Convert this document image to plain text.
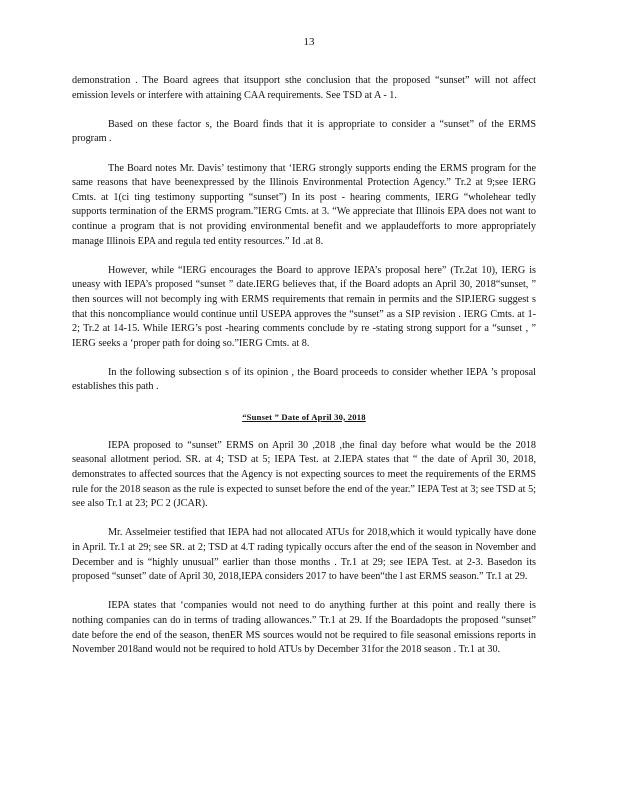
13

demonstration . The Board agrees that itsupport sthe conclusion that the proposed “sunset” will not affect emission levels or interfere with attaining CAA requirements. See TSD at A - 1.

Based on these factor s, the Board finds that it is appropriate to consider a “sunset” of the ERMS program .

The Board notes Mr. Davis’ testimony that ‘IERG strongly supports ending the ERMS program for the same reasons that have beenexpressed by the Illinois Environmental Protection Agency.” Tr.2 at 9;see IERG Cmts. at 1(ci ting testimony supporting “sunset”) In its post - hearing comments, IERG “wholehear tedly supports termination of the ERMS program.”IERG Cmts. at 3. “We appreciate that Illinois EPA does not want to continue a program that is not providing environmental benefit and we applaudefforts to more appropriately manage Illinois EPA and regula ted entity resources.” Id .at 8.

However, while “IERG encourages the Board to approve IEPA’s proposal here” (Tr.2at 10), IERG is uneasy with IEPA’s proposed “sunset ” date.IERG believes that, if the Board adopts an April 30, 2018“sunset, ” then sources will not becomply ing with ERMS requirements that remain in permits and the SIP.IERG suggest s that this noncompliance would continue until USEPA approves the “sunset” as a SIP revision . IERG Cmts. at 1-2; Tr.2 at 14-15. While IERG’s post -hearing comments conclude by re -stating strong support for a “sunset , ” IERG seeks a ‘proper path for doing so.”IERG Cmts. at 8.

In the following subsection s of its opinion , the Board proceeds to consider whether IEPA ’s proposal establishes this path .

“Sunset ” Date of April 30, 2018

IEPA proposed to “sunset” ERMS on April 30 ,2018 ,the final day before what would be the 2018 seasonal allotment period. SR. at 4; TSD at 5; IEPA Test. at 2.IEPA states that “ the date of April 30, 2018, demonstrates to affected sources that the Agency is not expecting sources to meet the requirements of the ERMS rule for the 2018 season as the rule is expected to sunset before the end of the year.” IEPA Test at 3; see TSD at 5; see also Tr.1 at 23; PC 2 (JCAR).

Mr. Asselmeier testified that IEPA had not allocated ATUs for 2018,which it would typically have done in April. Tr.1 at 29; see SR. at 2; TSD at 4.T rading typically occurs after the end of the season in November and December and is “highly unusual” earlier than those months . Tr.1 at 29; see IEPA Test. at 2-3. Basedon its proposed “sunset” date of April 30, 2018,IEPA considers 2017 to have been“the l ast ERMS season.” Tr.1 at 29.

IEPA states that ‘companies would not need to do anything further at this point and really there is nothing companies can do in terms of trading allowances.” Tr.1 at 29. If the Boardadopts the proposed “sunset” date before the end of the season, thenER MS sources would not be required to file seasonal emissions reports in November 2018and would not be required to hold ATUs by December 31for the 2018 season . Tr.1 at 30.
